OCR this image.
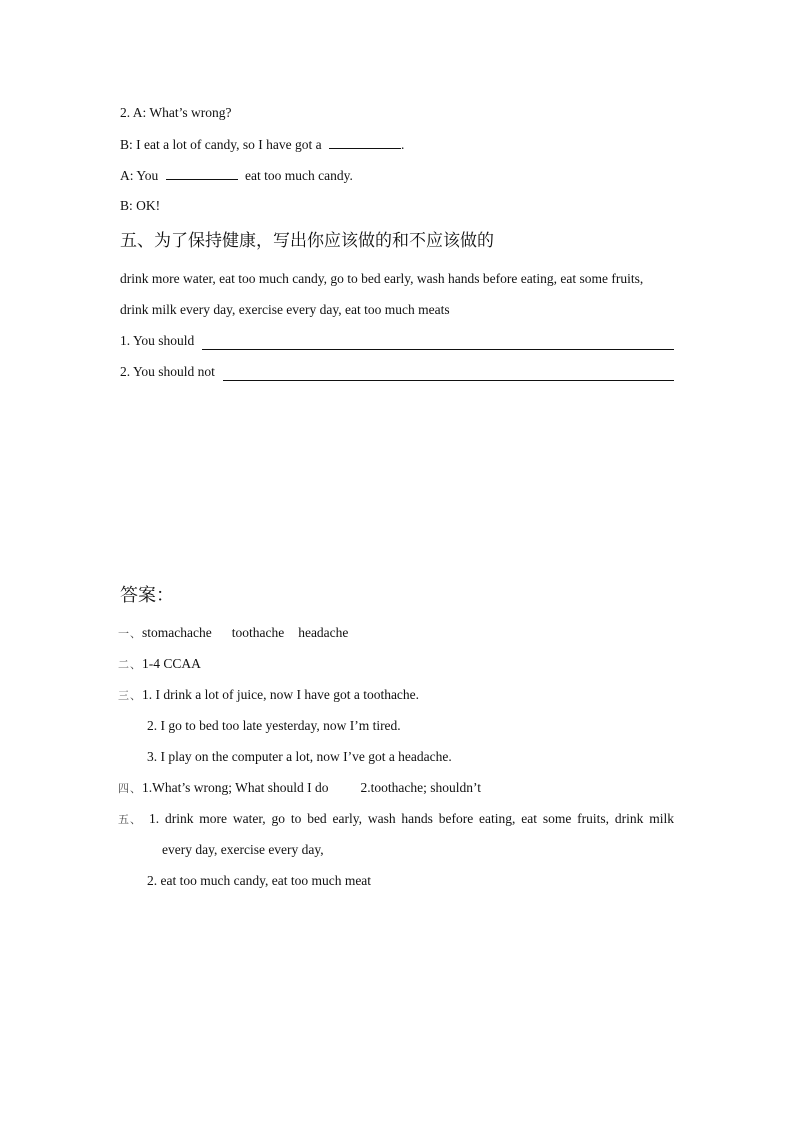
2. A: What’s wrong?
B: I eat a lot of candy, so I have got a	.
A: You	eat too much candy.
B: OK!
五、为了保持健康，写出你应该做的和不应该做的
drink more water, eat too much candy, go to bed early, wash hands before eating, eat some fruits,
drink milk every day, exercise every day, eat too much meats
1. You should
2. You should not
答案：
一、stomachache toothache headache
二、1-4 CCAA
三、1. I drink a lot of juice, now I have got a toothache.
2. I go to bed too late yesterday, now I’m tired.
3. I play on the computer a lot, now I’ve got a headache.
四、1.What’s wrong; What should I do 2.toothache; shouldn’t
五、 1. drink more water, go to bed early, wash hands before eating, eat some fruits, drink milk
every day, exercise every day,
2. eat too much candy, eat too much meat
